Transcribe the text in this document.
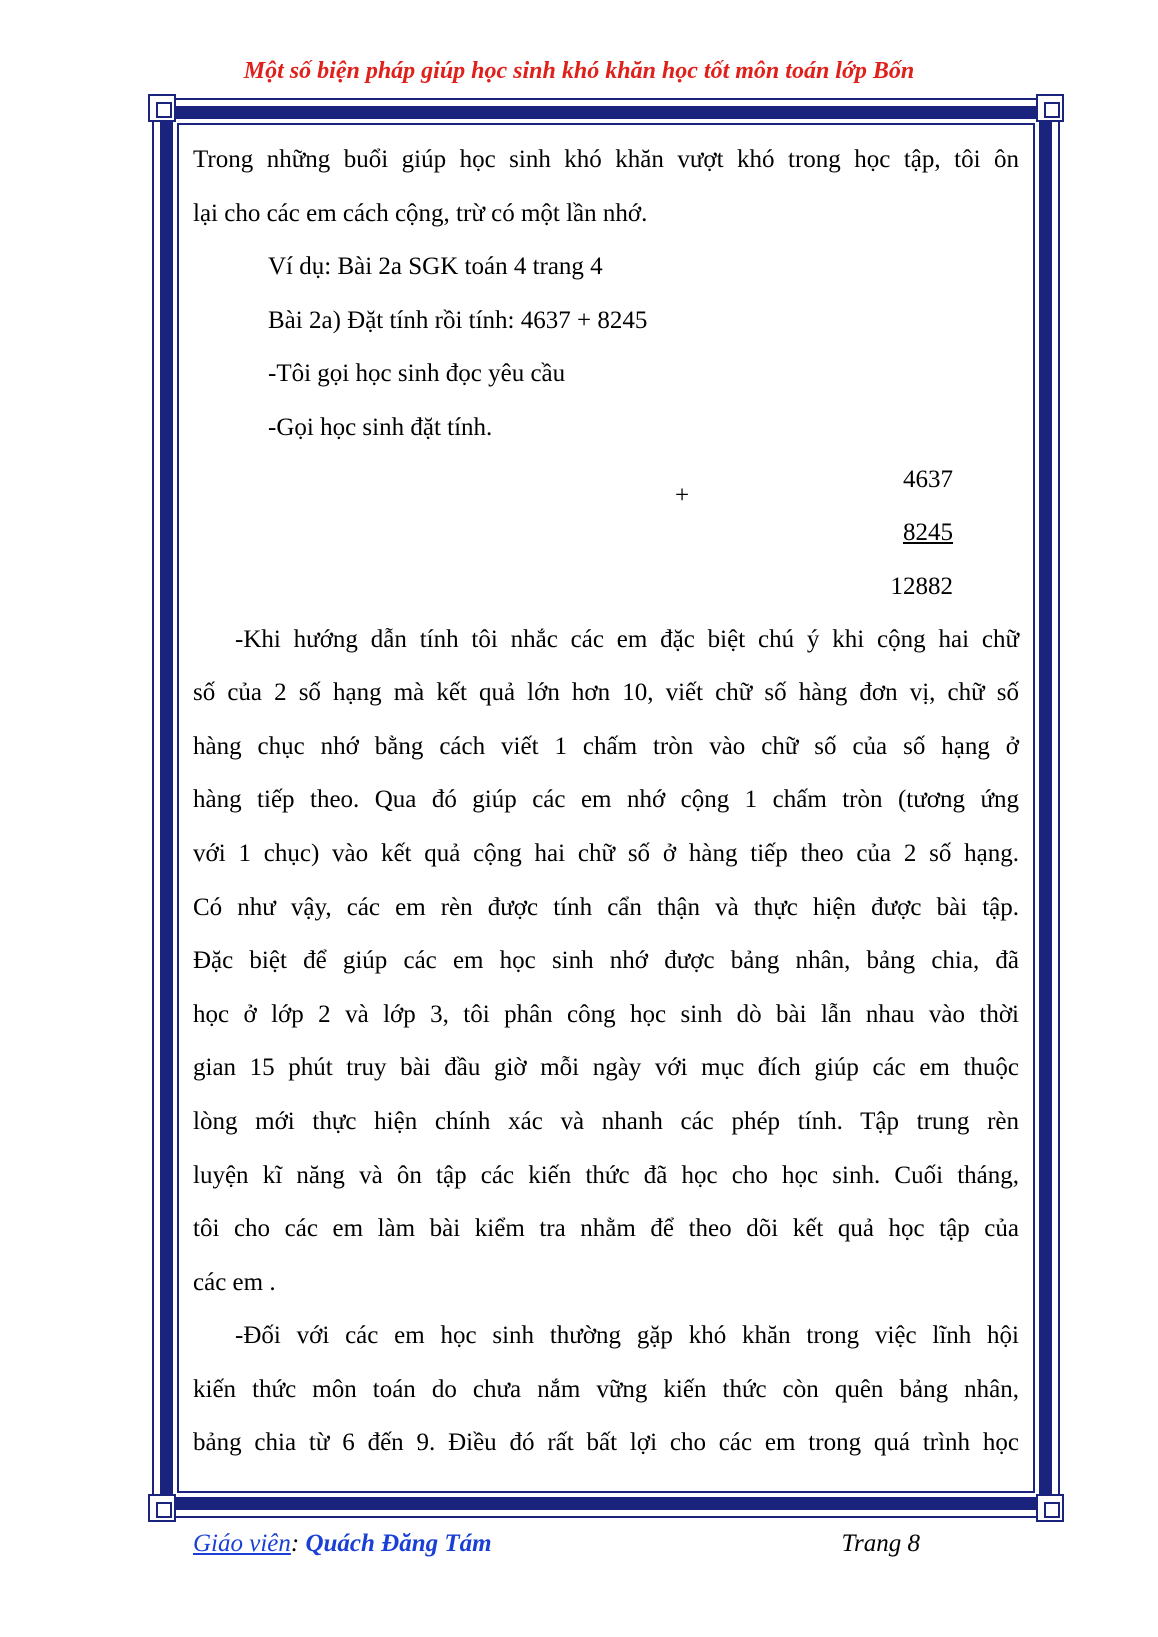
Một số biện pháp giúp học sinh khó khăn học tốt môn toán lớp Bốn

Trong những buổi giúp học sinh khó khăn vượt khó trong học tập, tôi ôn

lại cho các em cách cộng, trừ có một lần nhớ.

Ví dụ: Bài 2a SGK toán 4 trang 4

Bài 2a) Đặt tính rồi tính: 4637 + 8245

-Tôi gọi học sinh đọc yêu cầu

-Gọi học sinh đặt tính.

4637
+
8245
12882

-Khi hướng dẫn tính tôi nhắc các em đặc biệt chú ý khi cộng hai chữ

số của 2 số hạng mà kết quả lớn hơn 10, viết chữ số hàng đơn vị, chữ số

hàng chục nhớ bằng cách viết 1 chấm tròn vào chữ số của số hạng ở

hàng tiếp theo. Qua đó giúp các em nhớ cộng 1 chấm tròn (tương ứng

với 1 chục) vào kết quả cộng hai chữ số ở hàng tiếp theo của 2 số hạng.

Có như vậy, các em rèn được tính cẩn thận và thực hiện được bài tập.

Đặc biệt để giúp các em học sinh nhớ được bảng nhân, bảng chia, đã

học ở lớp 2 và lớp 3, tôi phân công học sinh dò bài lẫn nhau vào thời

gian 15 phút truy bài đầu giờ mỗi ngày với mục đích giúp các em thuộc

lòng mới thực hiện chính xác và nhanh các phép tính. Tập trung rèn

luyện kĩ năng và ôn tập các kiến thức đã học cho học sinh. Cuối tháng,

tôi cho các em làm bài kiểm tra nhằm để theo dõi kết quả học tập của

các em .

-Đối với các em học sinh thường gặp khó khăn trong việc lĩnh hội

kiến thức môn toán do chưa nắm vững kiến thức còn quên bảng nhân,

bảng chia từ 6 đến 9. Điều đó rất bất lợi cho các em trong quá trình học

Giáo viên: Quách Đăng Tám	Trang 8
